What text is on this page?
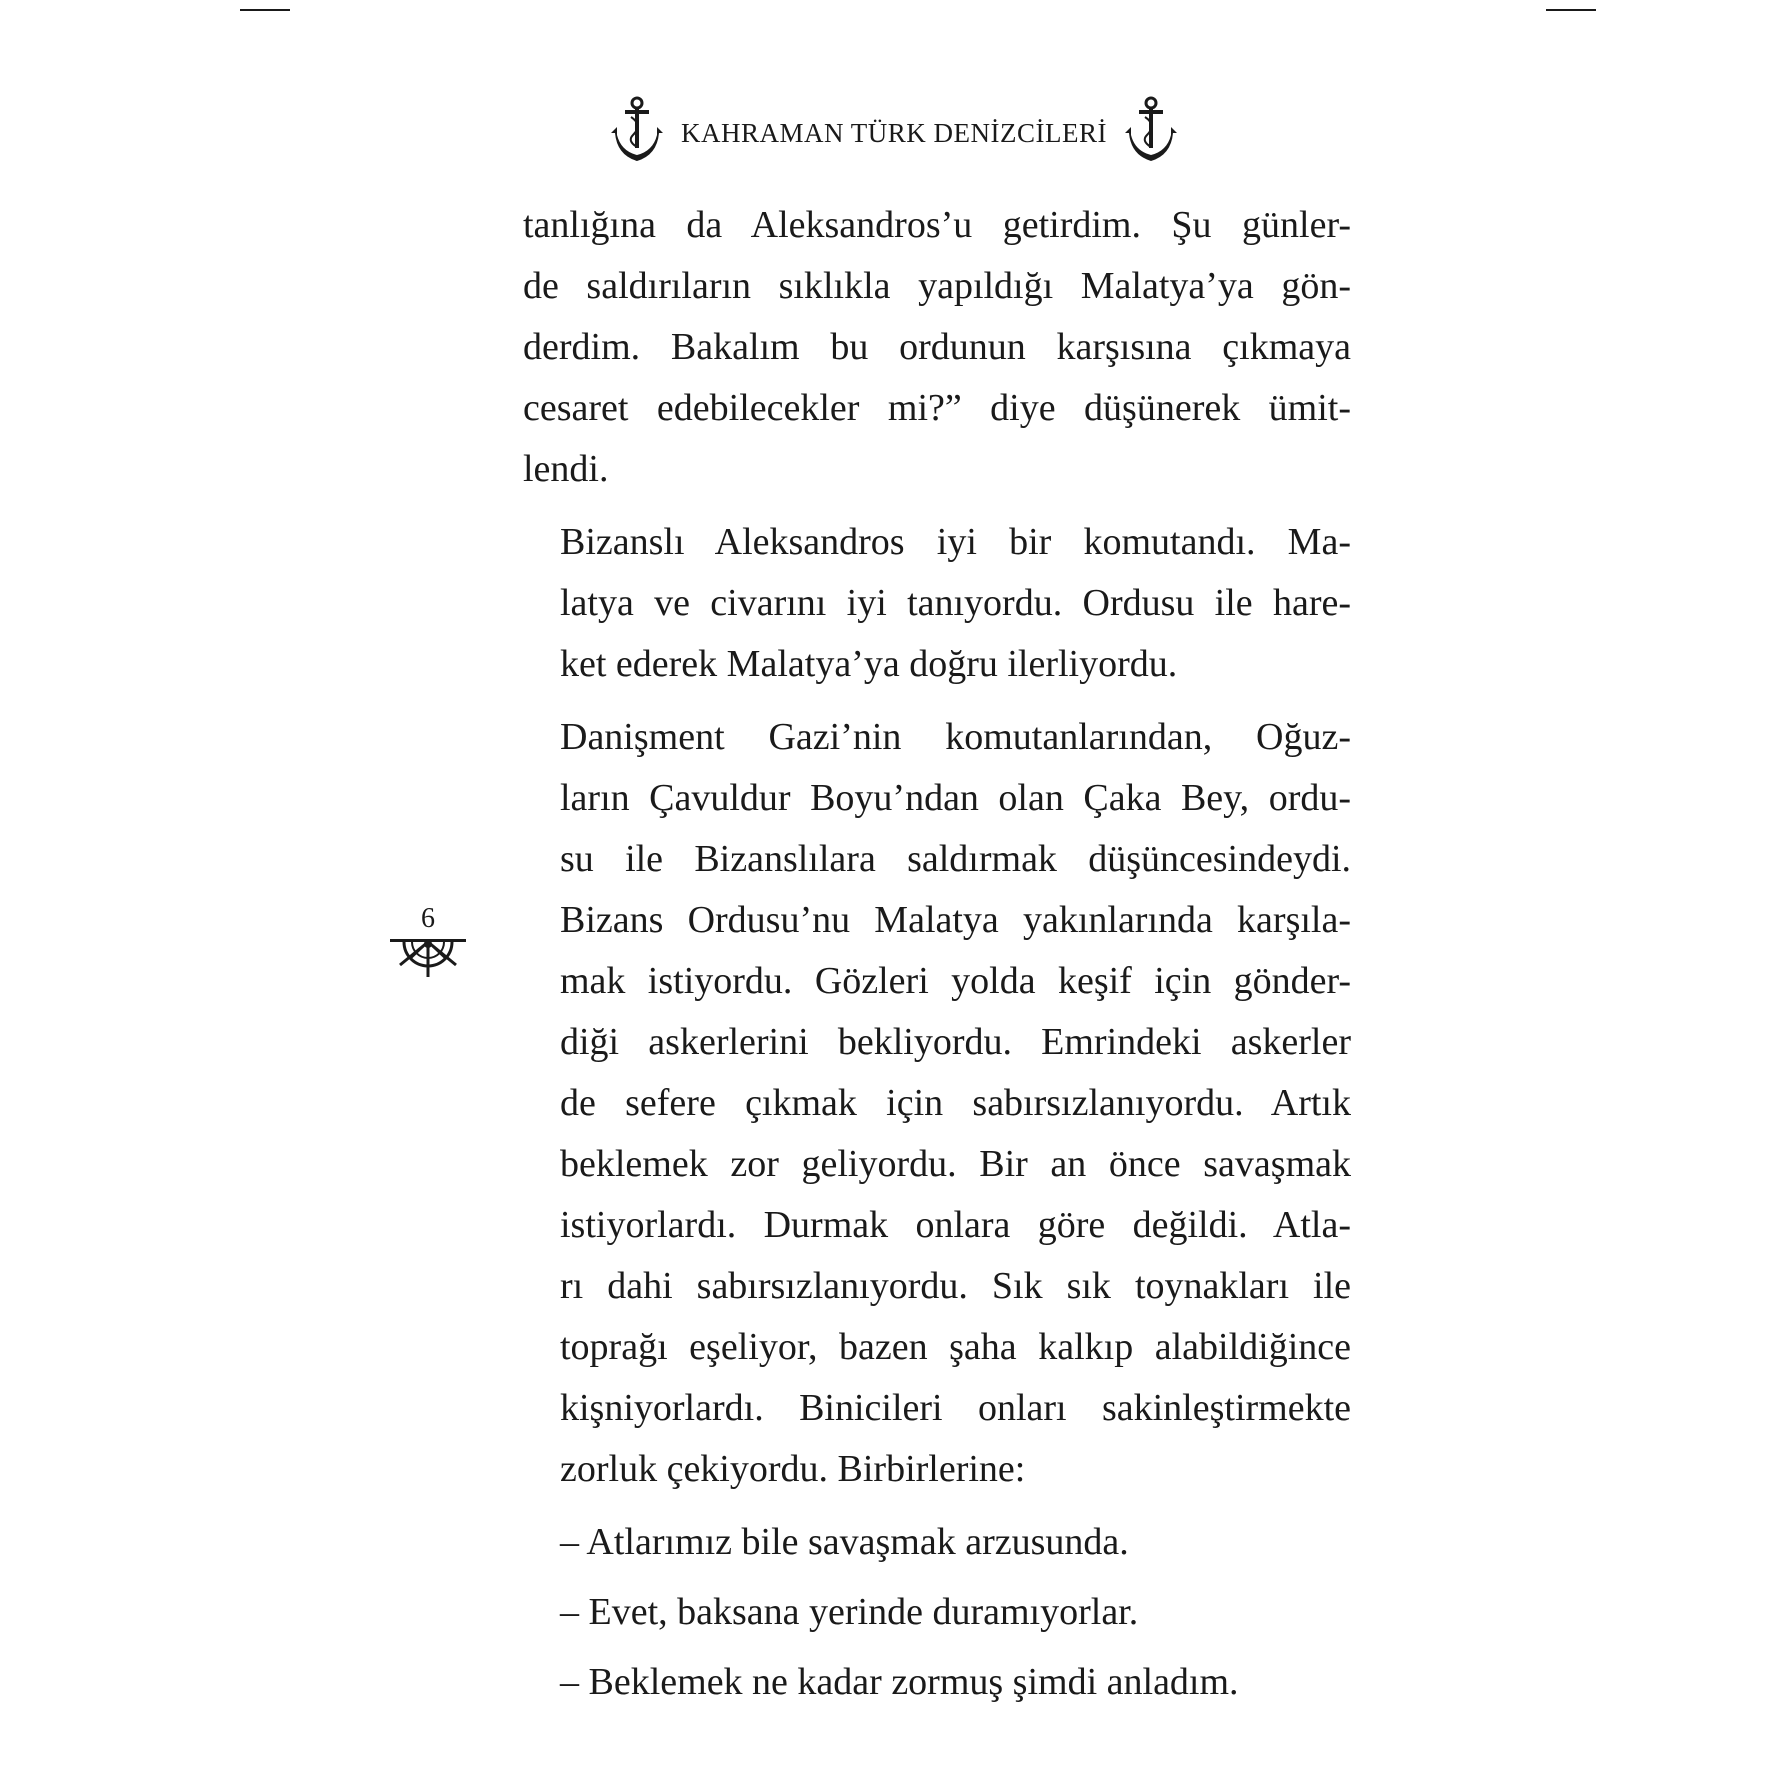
KAHRAMAN TÜRK DENİZCİLERİ
6

tanlığına da Aleksandros’u getirdim. Şu günler-
de saldırıların sıklıkla yapıldığı Malatya’ya gön-
derdim. Bakalım bu ordunun karşısına çıkmaya
cesaret edebilecekler mi?” diye düşünerek ümit-
lendi.

Bizanslı Aleksandros iyi bir komutandı. Ma-
latya ve civarını iyi tanıyordu. Ordusu ile hare-
ket ederek Malatya’ya doğru ilerliyordu.

Danişment Gazi’nin komutanlarından, Oğuz-
ların Çavuldur Boyu’ndan olan Çaka Bey, ordu-
su ile Bizanslılara saldırmak düşüncesindeydi.
Bizans Ordusu’nu Malatya yakınlarında karşıla-
mak istiyordu. Gözleri yolda keşif için gönder-
diği askerlerini bekliyordu. Emrindeki askerler
de sefere çıkmak için sabırsızlanıyordu. Artık
beklemek zor geliyordu. Bir an önce savaşmak
istiyorlardı. Durmak onlara göre değildi. Atla-
rı dahi sabırsızlanıyordu. Sık sık toynakları ile
toprağı eşeliyor, bazen şaha kalkıp alabildiğince
kişniyorlardı. Binicileri onları sakinleştirmekte
zorluk çekiyordu. Birbirlerine:

– Atlarımız bile savaşmak arzusunda.
– Evet, baksana yerinde duramıyorlar.
– Beklemek ne kadar zormuş şimdi anladım.
